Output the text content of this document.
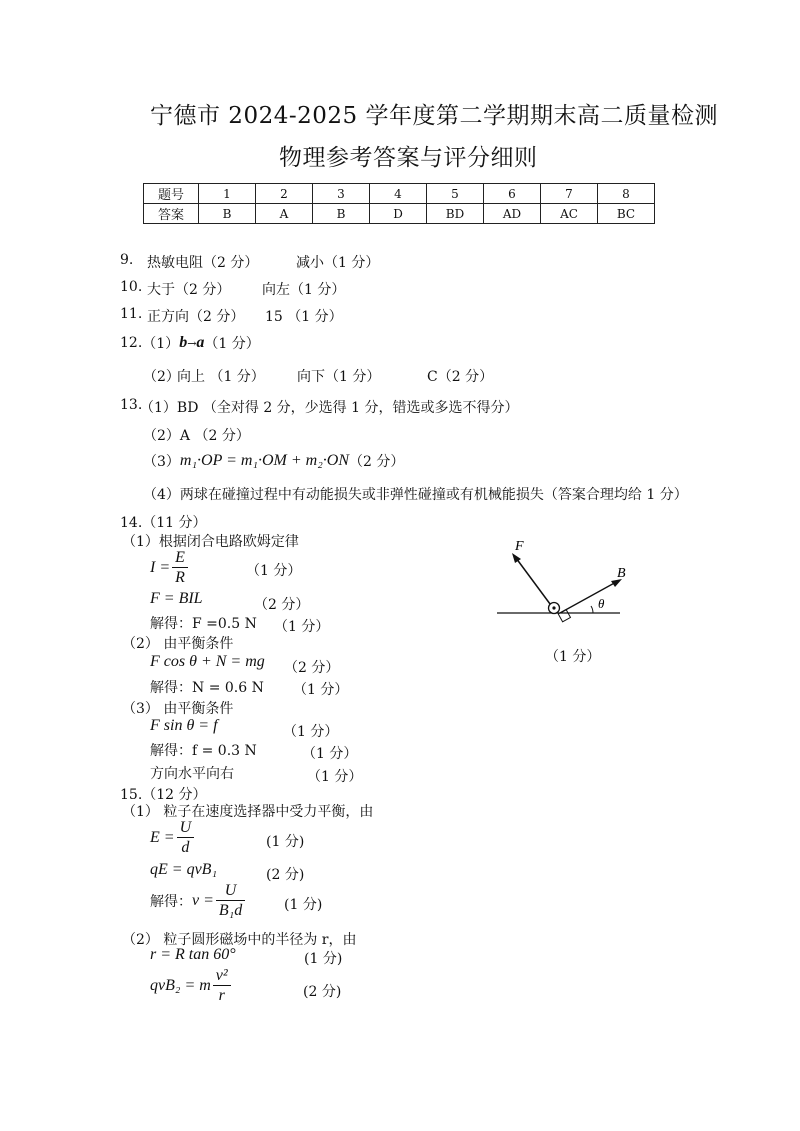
宁德市 2024-2025 学年度第二学期期末高二质量检测
物理参考答案与评分细则
题号	1	2	3	4	5	6	7	8
答案	B	A	B	D	BD	AD	AC	BC
9. 热敏电阻（2 分）	减小（1 分）
10. 大于（2 分） 向左（1 分）
11. 正方向（2 分） 15 （1 分）
12. （1） b → a （1 分）
（2）
向上 （1 分） 向下（1 分）	C（2 分）
13.
（1）BD （全对得 2 分，少选得 1 分，错选或多选不得分）
（2）A （2 分）
（3） m₁·OP = m₁·OM + m₂·ON （2 分）
（4）两球在碰撞过程中有动能损失或非弹性碰撞或有机械能损失（答案合理均给 1 分）
14.（11 分）
（1）根据闭合电路欧姆定律
$I = \frac{E}{R}$	（1 分）
F = BIL	（2 分）
解得：F =0.5 N （1 分）
（2） 由平衡条件
F cos θ + N = mg （2 分）
解得：N = 0.6 N （1 分）
（3） 由平衡条件
F sin θ = f	（1 分）
解得：f = 0.3 N	（1 分）
方向水平向右	（1 分）
F
B
θ
（1 分）
15.（12 分）
（1） 粒子在速度选择器中受力平衡，由
$E = \frac{U}{d}$	(1 分)
qE = qvB₁	(2 分)
解得： $v = \frac{U}{\text{B₁d}}$	(1 分)
（2） 粒子圆形磁场中的半径为 r，由
r = R tan 60°	(1 分)
qvB₂ = m $\frac{\text{v²}}{r}$	(2 分)
